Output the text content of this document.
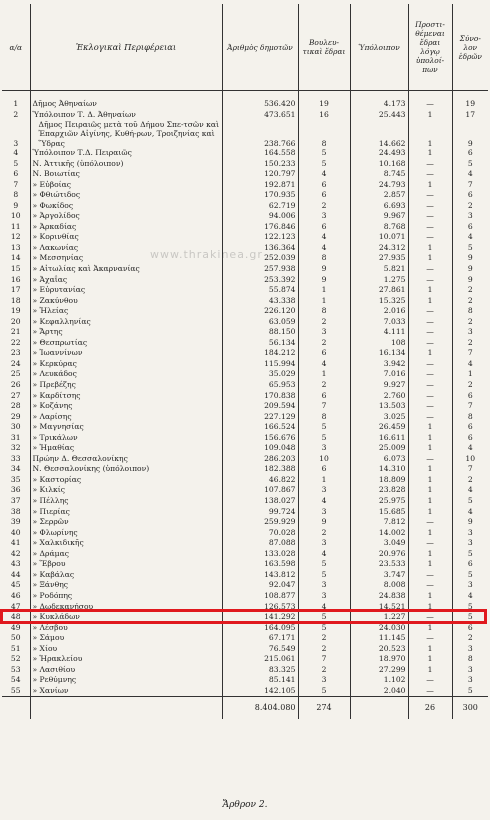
www.thrakinea.gr
α/α	Ἐκλογικαὶ Περιφέρειαι	Ἀριθμὸς δημοτῶν	Βουλευ-τικαὶ ἕδραι	Ὑπόλοιπον	Προστι-θέμεναι ἕδραι λόγῳ ὑπολοί-πων	Σύνο-λον ἑδρῶν

1	Δῆμος Ἀθηναίων	536.420	19	4.173	—	19
2	Ὑπόλοιπον Τ. Δ. Ἀθηναίων	473.651	16	25.443	1	17
3	Δῆμος Πειραιῶς μετὰ τοῦ Δήμου Σπε-τσῶν καὶ Ἐπαρχιῶν Αἰγίνης, Κυθή-ρων, Τροιζηνίας καὶ Ὕδρας	238.766	8	14.662	1	9
4	Ὑπόλοιπον Τ.Δ. Πειραιῶς	164.558	5	24.493	1	6
5	Ν. Ἀττικῆς (ὑπόλοιπον)	150.233	5	10.168	—	5
6	Ν. Βοιωτίας	120.797	4	8.745	—	4
7	» Εὐβοίας	192.871	6	24.793	1	7
8	» Φθιώτιδος	170.935	6	2.857	—	6
9	» Φωκίδος	62.719	2	6.693	—	2
10	» Ἀργολίδος	94.006	3	9.967	—	3
11	» Ἀρκαδίας	176.846	6	8.768	—	6
12	» Κορινθίας	122.123	4	10.071	—	4
13	» Λακωνίας	136.364	4	24.312	1	5
14	» Μεσσηνίας	252.039	8	27.935	1	9
15	» Αἰτωλίας καὶ Ἀκαρνανίας	257.938	9	5.821	—	9
16	» Ἀχαΐας	253.392	9	1.275	—	9
17	» Εὐρυτανίας	55.874	1	27.861	1	2
18	» Ζακύνθου	43.338	1	15.325	1	2
19	» Ἠλείας	226.120	8	2.016	—	8
20	» Κεφαλληνίας	63.059	2	7.033	—	2
21	» Ἄρτης	88.150	3	4.111	—	3
22	» Θεσπρωτίας	56.134	2	108	—	2
23	» Ἰωαννίνων	184.212	6	16.134	1	7
24	» Κερκύρας	115.994	4	3.942	—	4
25	» Λευκάδος	35.029	1	7.016	—	1
26	» Πρεβέζης	65.953	2	9.927	—	2
27	» Καρδίτσης	170.838	6	2.760	—	6
28	» Κοζάνης	209.594	7	13.503	—	7
29	» Λαρίσης	227.129	8	3.025	—	8
30	» Μαγνησίας	166.524	5	26.459	1	6
31	» Τρικάλων	156.676	5	16.611	1	6
32	» Ἠμαθίας	109.048	3	25.009	1	4
33	Πρώην Δ. Θεσσαλονίκης	286.203	10	6.073	—	10
34	Ν. Θεσσαλονίκης (ὑπόλοιπον)	182.388	6	14.310	1	7
35	» Καστορίας	46.822	1	18.809	1	2
36	» Κιλκίς	107.867	3	23.828	1	4
37	» Πέλλης	138.027	4	25.975	1	5
38	» Πιερίας	99.724	3	15.685	1	4
39	» Σερρῶν	259.929	9	7.812	—	9
40	» Φλωρίνης	70.028	2	14.002	1	3
41	» Χαλκιδικῆς	87.088	3	3.049	—	3
42	» Δράμας	133.028	4	20.976	1	5
43	» Ἕβρου	163.598	5	23.533	1	6
44	» Καβάλας	143.812	5	3.747	—	5
45	» Ξάνθης	92.047	3	8.008	—	3
46	» Ροδόπης	108.877	3	24.838	1	4
47	» Δωδεκανήσου	126.573	4	14.521	1	5
48	» Κυκλάδων	141.292	5	1.227	—	5
49	» Λέσβου	164.095	5	24.030	1	6
50	» Σάμου	67.171	2	11.145	—	2
51	» Χίου	76.549	2	20.523	1	3
52	» Ἡρακλείου	215.061	7	18.970	1	8
53	» Λασιθίου	83.325	2	27.299	1	3
54	» Ρεθύμνης	85.141	3	1.102	—	3
55	» Χανίων	142.105	5	2.040	—	5
		8.404.080	274		26	300
Ἄρθρον 2.
